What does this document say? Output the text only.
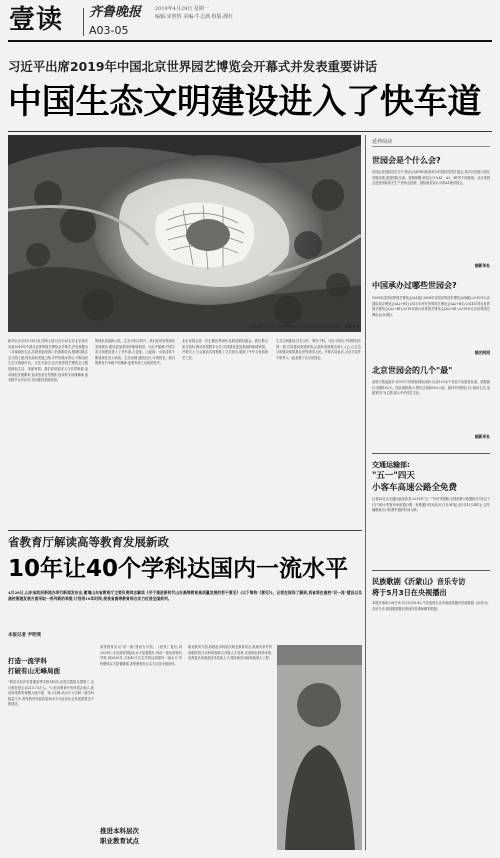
壹读 齐鲁晚报
A03-05
2019年4月29日 星期一
编辑:宋胜辉 美编:牛志满 组版:颜红
习近平出席2019年中国北京世界园艺博览会开幕式并发表重要讲话
中国生态文明建设进入了快车道
这是4月19日无人机拍摄的北京世园会国际馆外景画面。 据新华社
新华社北京4月28日电 国家主席习近平28日在北京延庆出席2019年中国北京世界园艺博览会开幕式,并发表题为《共谋绿色生活,共建美丽家园》的重要讲话,强调同筑生态文明之基,同走绿色发展之路,守护好绿水青山,不断迈向生态文明新时代。习近平指出,这次世界园艺博览会主题是绿色生活、美丽家园。我们应该追求人与自然和谐,追求绿色发展繁荣,追求热爱自然情怀,追求科学治理精神,追求携手合作应对,共同建设美丽家园。
的绿色发展新示范。生态兴则文明兴。我们应该坚持绿色发展理念,建设更加美好的地球家园。习近平强调,中国生态文明建设进入了快车道,天更蓝、山更绿、水更清将不断展现在世人面前。生态治理,道阻且长,行则将至。我们既要有只争朝夕的精神,更要有持之以恒的坚守。
北京世园会是一次汇聚世界绿色发展成果的盛会。我们要以此为契机,推动各国携手合作,共同建设更加美丽的地球家园。开幕式上,与会嘉宾共同观看了文艺演出,展现了中华文化和园艺之美。
生态文明建设,功在当代、利在千秋。习近平指出,中国愿同各国一道,共同建设美丽家园,让绿色发展理念深入人心,让生态文明建设成果惠及世界各国人民。开幕式结束后,习近平同外方领导人一起参观了北京世园会。
省教育厅解读高等教育发展新政
10年让40个学科达国内一流水平
4月28日,山东省政府新闻办举行新闻发布会,邀请山东省教育厅主要负责同志解读《关于推进新时代山东高等教育高质量发展的若干意见》(以下简称《意见》)。记者在现场了解到,我省将在高校"双一流"建设以及高校管理发展方面采取一系列新的举措,计划用10年时间,使我省高等教育综合实力位居全国前列。
本报记者 尹明亮
打造一流学科
打破有山无峰局面
"我省目前共有普通高等学校145所,在校生数居全国第三,全日制在校生达210.73万人。"山东省教育厅负责同志表示,我省高等教育规模大而不强、有山无峰,高水平大学和一流学科数量不多,高等教育发展质量和水平与经济社会发展需要还不相适应。
高等教育应以"双一流"建设为引领。《意见》提出,到2025年,全省高校国际化水平显著提升,形成一批优势特色学科;到2030年,力争40个左右学科达到国内一流水平,学科整体实力显著增强,高等教育综合实力位居全国前列。
推进本科层次
职业教育试点
职业教育方面,将推进本科层次职业教育试点,鼓励有条件的高职院校与本科高校联合开展人才培养,完善职业教育体系,培养更多高素质技术技能人才,服务新旧动能转换重大工程。
延伸阅读
世园会是个什么会?
世园会是国际园艺生产者协会(AIPH)批准举办的国际性园艺展会,其宗旨是展示园艺发展成果,促进国际交流。按照规模,世园会分为A1、A2、B1等不同级别。北京世园会是经国际园艺生产者协会批准、国际展览局认可的A1级世园会。
据新华社
中国承办过哪些世园会?
1999年昆明世界园艺博览会(A1级);2006年沈阳世界园艺博览会(B级);2010年台北国际花卉博览会(A2+B1);2011年西安世界园艺博览会(A2+B1);2014年青岛世界园艺博览会(A2+B1);2016年唐山世界园艺博览会(A2+B1);2019年北京世界园艺博览会(A1级)。
据光明网
北京世园会的几个"最"
参展方数量最多:有110个国家和国际组织,以及120余个非官方参展者参展。展期最长:展期162天。园区面积最大:围栏区面积503公顷。最具中国特色:以"绿色生活 美丽家园"为主题,展示中华园艺文化。
据新华社
交通运输部:
"五一"四天
小客车高速公路全免费
记者28日从交通运输部获悉,2019年"五一"劳动节假期,全国收费公路继续对7座以下(含7座)小型客车免收通行费。免费通行时间从5月1日0时起,至5月4日24时止,以车辆驶离出口收费车道的时间为准。
民族歌剧《沂蒙山》音乐专访
将于5月3日在央视播出
本报济南4月28日讯 5月3日20:42,中央电视台音乐频道将播出民族歌剧《沂蒙山》音乐专访,展现歌剧幕后的创作故事和精彩唱段。
